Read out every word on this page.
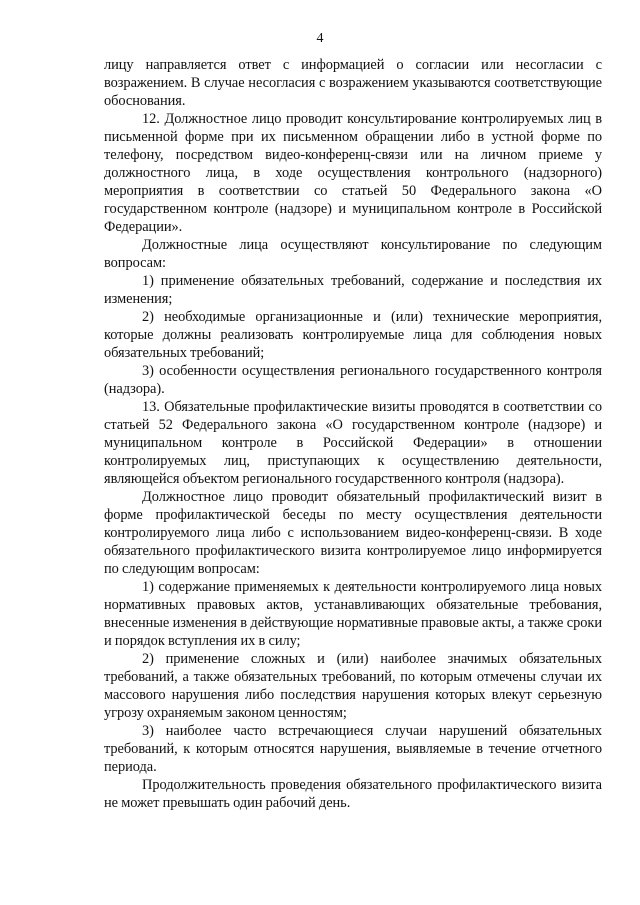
4

лицу направляется ответ с информацией о согласии или несогласии с возражением. В случае несогласия с возражением указываются соответствующие обоснования.

12. Должностное лицо проводит консультирование контролируемых лиц в письменной форме при их письменном обращении либо в устной форме по телефону, посредством видео-конференц-связи или на личном приеме у должностного лица, в ходе осуществления контрольного (надзорного) мероприятия в соответствии со статьей 50 Федерального закона «О государственном контроле (надзоре) и муниципальном контроле в Российской Федерации».

Должностные лица осуществляют консультирование по следующим вопросам:

1) применение обязательных требований, содержание и последствия их изменения;

2) необходимые организационные и (или) технические мероприятия, которые должны реализовать контролируемые лица для соблюдения новых обязательных требований;

3) особенности осуществления регионального государственного контроля (надзора).

13. Обязательные профилактические визиты проводятся в соответствии со статьей 52 Федерального закона «О государственном контроле (надзоре) и муниципальном контроле в Российской Федерации» в отношении контролируемых лиц, приступающих к осуществлению деятельности, являющейся объектом регионального государственного контроля (надзора).

Должностное лицо проводит обязательный профилактический визит в форме профилактической беседы по месту осуществления деятельности контролируемого лица либо с использованием видео-конференц-связи. В ходе обязательного профилактического визита контролируемое лицо информируется по следующим вопросам:

1) содержание применяемых к деятельности контролируемого лица новых нормативных правовых актов, устанавливающих обязательные требования, внесенные изменения в действующие нормативные правовые акты, а также сроки и порядок вступления их в силу;

2) применение сложных и (или) наиболее значимых обязательных требований, а также обязательных требований, по которым отмечены случаи их массового нарушения либо последствия нарушения которых влекут серьезную угрозу охраняемым законом ценностям;

3) наиболее часто встречающиеся случаи нарушений обязательных требований, к которым относятся нарушения, выявляемые в течение отчетного периода.

Продолжительность проведения обязательного профилактического визита не может превышать один рабочий день.
